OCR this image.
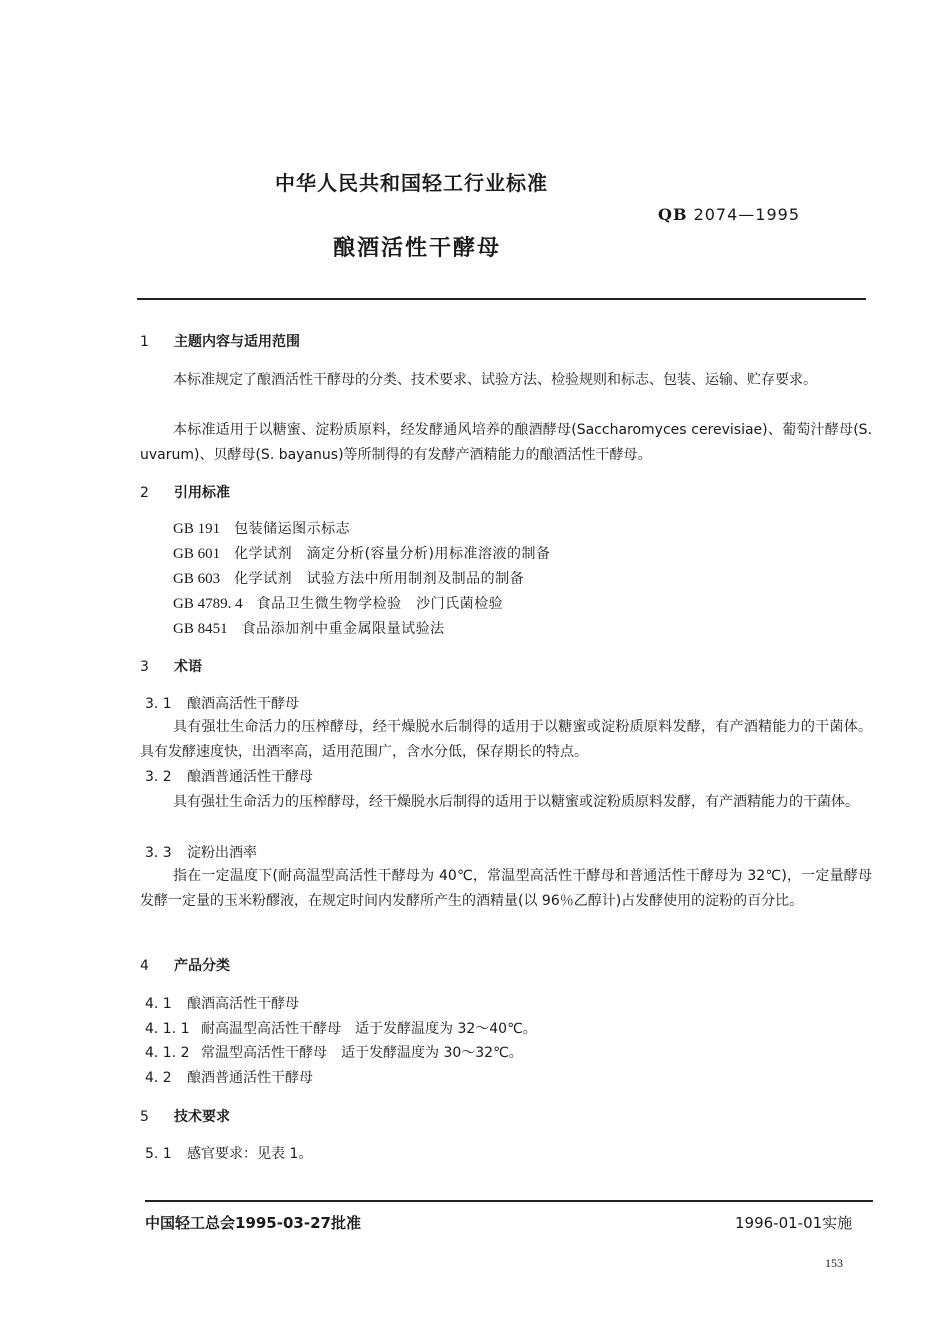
中华人民共和国轻工行业标准
QB 2074—1995
酿酒活性干酵母
1 主题内容与适用范围
本标准规定了酿酒活性干酵母的分类、技术要求、试验方法、检验规则和标志、包装、运输、贮存要求。
本标准适用于以糖蜜、淀粉质原料，经发酵通风培养的酿酒酵母(Saccharomyces cerevisiae)、葡萄汁酵母(S. uvarum)、贝酵母(S. bayanus)等所制得的有发酵产酒精能力的酿酒活性干酵母。
2 引用标准
GB 191 包装储运图示标志
GB 601 化学试剂　滴定分析(容量分析)用标准溶液的制备
GB 603 化学试剂　试验方法中所用制剂及制品的制备
GB 4789. 4 食品卫生微生物学检验　沙门氏菌检验
GB 8451 食品添加剂中重金属限量试验法
3 术语
3. 1 酿酒高活性干酵母
具有强壮生命活力的压榨酵母，经干燥脱水后制得的适用于以糖蜜或淀粉质原料发酵，有产酒精能力的干菌体。具有发酵速度快，出酒率高，适用范围广，含水分低，保存期长的特点。
3. 2 酿酒普通活性干酵母
具有强壮生命活力的压榨酵母，经干燥脱水后制得的适用于以糖蜜或淀粉质原料发酵，有产酒精能力的干菌体。
3. 3 淀粉出酒率
指在一定温度下(耐高温型高活性干酵母为 40℃，常温型高活性干酵母和普通活性干酵母为 32℃)，一定量酵母发酵一定量的玉米粉醪液，在规定时间内发酵所产生的酒精量(以 96％乙醇计)占发酵使用的淀粉的百分比。
4 产品分类
4. 1 酿酒高活性干酵母
4. 1. 1 耐高温型高活性干酵母　适于发酵温度为 32～40℃。
4. 1. 2 常温型高活性干酵母　适于发酵温度为 30～32℃。
4. 2 酿酒普通活性干酵母
5 技术要求
5. 1 感官要求：见表 1。
中国轻工总会1995-03-27批准	1996-01-01实施
153
